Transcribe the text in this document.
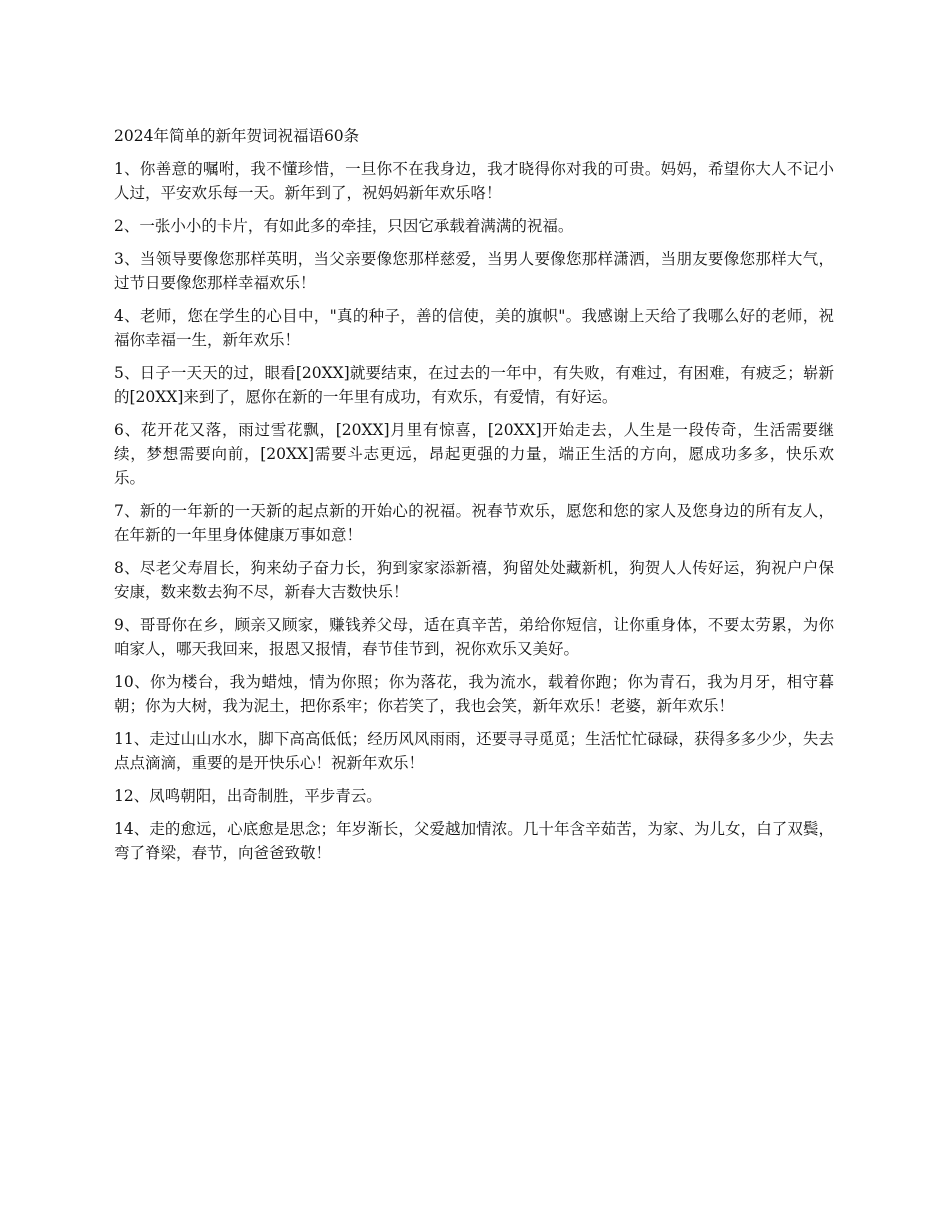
2024年简单的新年贺词祝福语60条

1、你善意的嘱咐，我不懂珍惜，一旦你不在我身边，我才晓得你对我的可贵。妈妈，希望你大人不记小人过，平安欢乐每一天。新年到了，祝妈妈新年欢乐咯！

2、一张小小的卡片，有如此多的牵挂，只因它承载着满满的祝福。

3、当领导要像您那样英明，当父亲要像您那样慈爱，当男人要像您那样潇洒，当朋友要像您那样大气，过节日要像您那样幸福欢乐！

4、老师，您在学生的心目中，"真的种子，善的信使，美的旗帜"。我感谢上天给了我哪么好的老师，祝福你幸福一生，新年欢乐！

5、日子一天天的过，眼看[20XX]就要结束，在过去的一年中，有失败，有难过，有困难，有疲乏；崭新的[20XX]来到了，愿你在新的一年里有成功，有欢乐，有爱情，有好运。

6、花开花又落，雨过雪花飘，[20XX]月里有惊喜，[20XX]开始走去，人生是一段传奇，生活需要继续，梦想需要向前，[20XX]需要斗志更远，昂起更强的力量，端正生活的方向，愿成功多多，快乐欢乐。

7、新的一年新的一天新的起点新的开始心的祝福。祝春节欢乐，愿您和您的家人及您身边的所有友人，在年新的一年里身体健康万事如意！

8、尽老父寿眉长，狗来幼子奋力长，狗到家家添新禧，狗留处处藏新机，狗贺人人传好运，狗祝户户保安康，数来数去狗不尽，新春大吉数快乐！

9、哥哥你在乡，顾亲又顾家，赚钱养父母，适在真辛苦，弟给你短信，让你重身体，不要太劳累，为你咱家人，哪天我回来，报恩又报情，春节佳节到，祝你欢乐又美好。

10、你为楼台，我为蜡烛，情为你照；你为落花，我为流水，载着你跑；你为青石，我为月牙，相守暮朝；你为大树，我为泥土，把你系牢；你若笑了，我也会笑，新年欢乐！老婆，新年欢乐！

11、走过山山水水，脚下高高低低；经历风风雨雨，还要寻寻觅觅；生活忙忙碌碌，获得多多少少，失去点点滴滴，重要的是开快乐心！祝新年欢乐！

12、凤鸣朝阳，出奇制胜，平步青云。

14、走的愈远，心底愈是思念；年岁渐长，父爱越加情浓。几十年含辛茹苦，为家、为儿女，白了双鬓，弯了脊梁，春节，向爸爸致敬！
